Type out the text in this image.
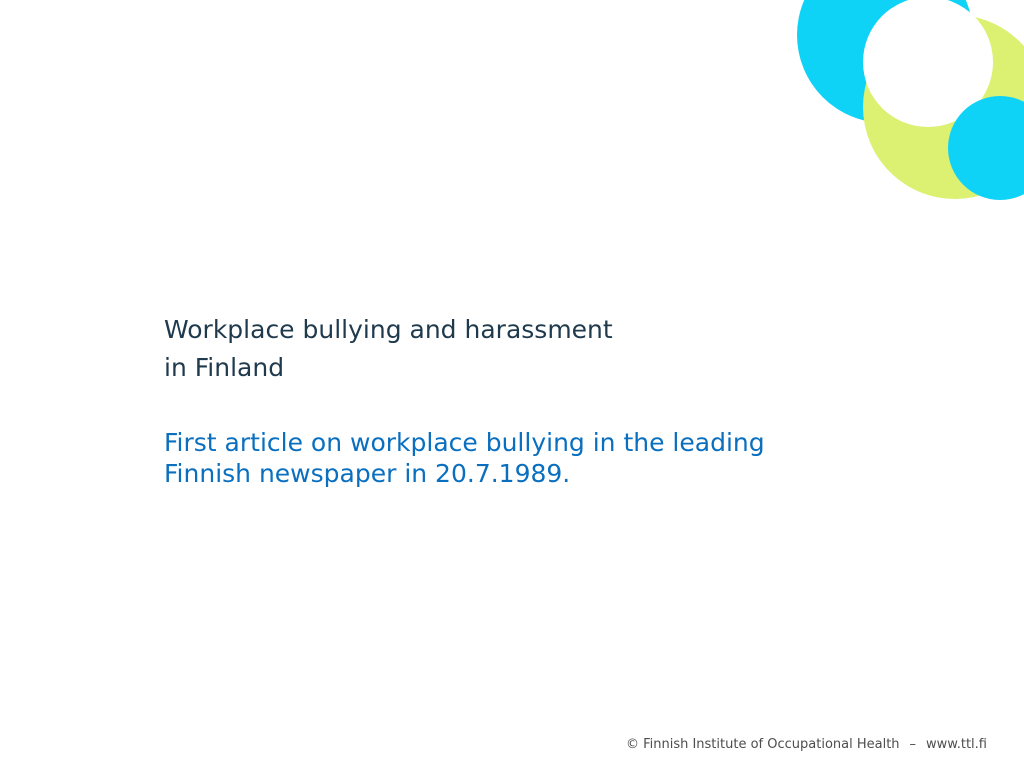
Workplace bullying and harassment
in Finland
First article on workplace bullying in the leading
Finnish newspaper in 20.7.1989.
© Finnish Institute of Occupational Health – www.ttl.fi
